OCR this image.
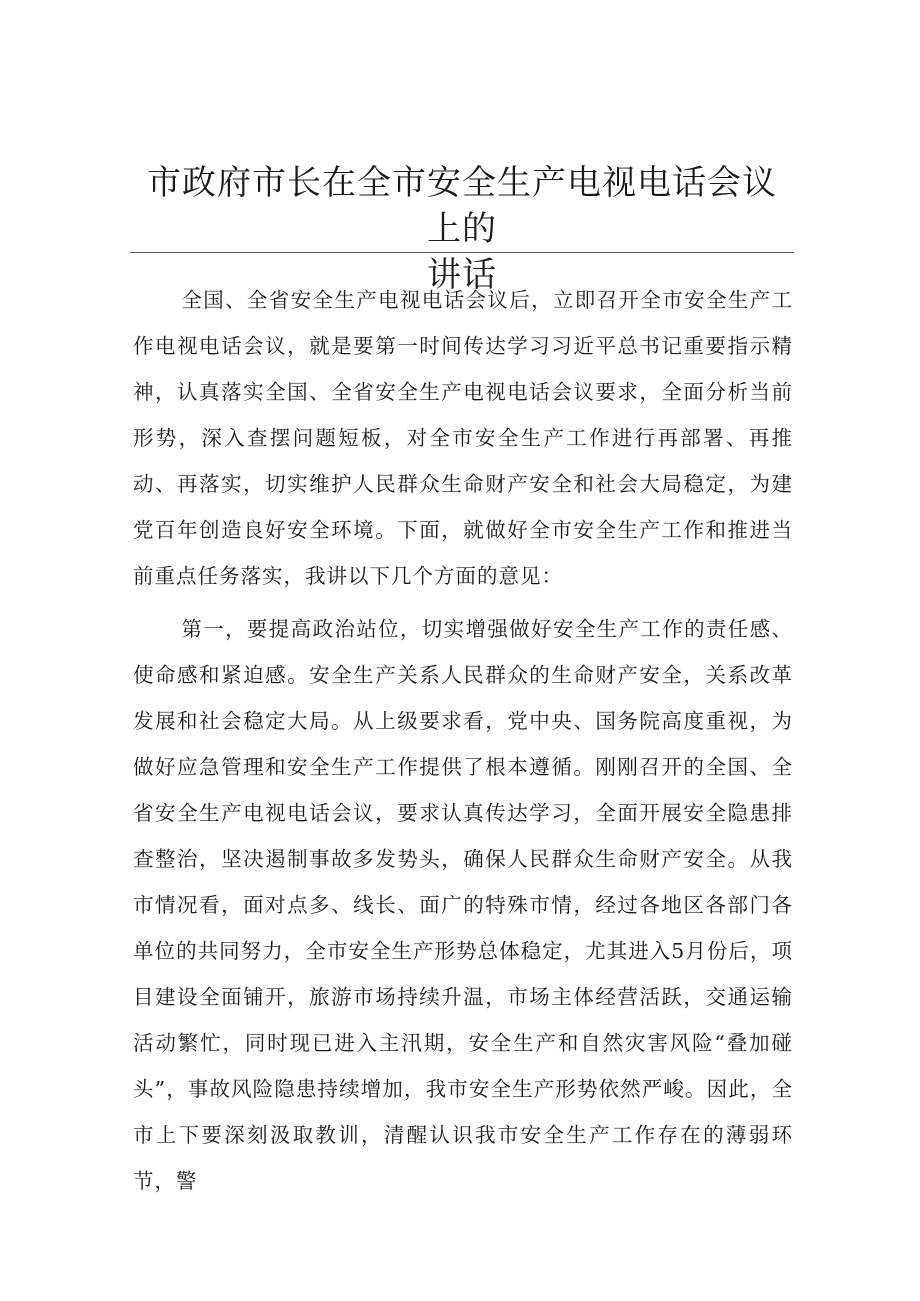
市政府市长在全市安全生产电视电话会议上的
讲话

全国、全省安全生产电视电话会议后，立即召开全市安全生产工作电视电话会议，就是要第一时间传达学习习近平总书记重要指示精神，认真落实全国、全省安全生产电视电话会议要求，全面分析当前形势，深入查摆问题短板，对全市安全生产工作进行再部署、再推动、再落实，切实维护人民群众生命财产安全和社会大局稳定，为建党百年创造良好安全环境。下面，就做好全市安全生产工作和推进当前重点任务落实，我讲以下几个方面的意见：

第一，要提高政治站位，切实增强做好安全生产工作的责任感、使命感和紧迫感。安全生产关系人民群众的生命财产安全，关系改革发展和社会稳定大局。从上级要求看，党中央、国务院高度重视，为做好应急管理和安全生产工作提供了根本遵循。刚刚召开的全国、全省安全生产电视电话会议，要求认真传达学习，全面开展安全隐患排查整治，坚决遏制事故多发势头，确保人民群众生命财产安全。从我市情况看，面对点多、线长、面广的特殊市情，经过各地区各部门各单位的共同努力，全市安全生产形势总体稳定，尤其进入5月份后，项目建设全面铺开，旅游市场持续升温，市场主体经营活跃，交通运输活动繁忙，同时现已进入主汛期，安全生产和自然灾害风险“叠加碰头”，事故风险隐患持续增加，我市安全生产形势依然严峻。因此，全市上下要深刻汲取教训，清醒认识我市安全生产工作存在的薄弱环节，警
